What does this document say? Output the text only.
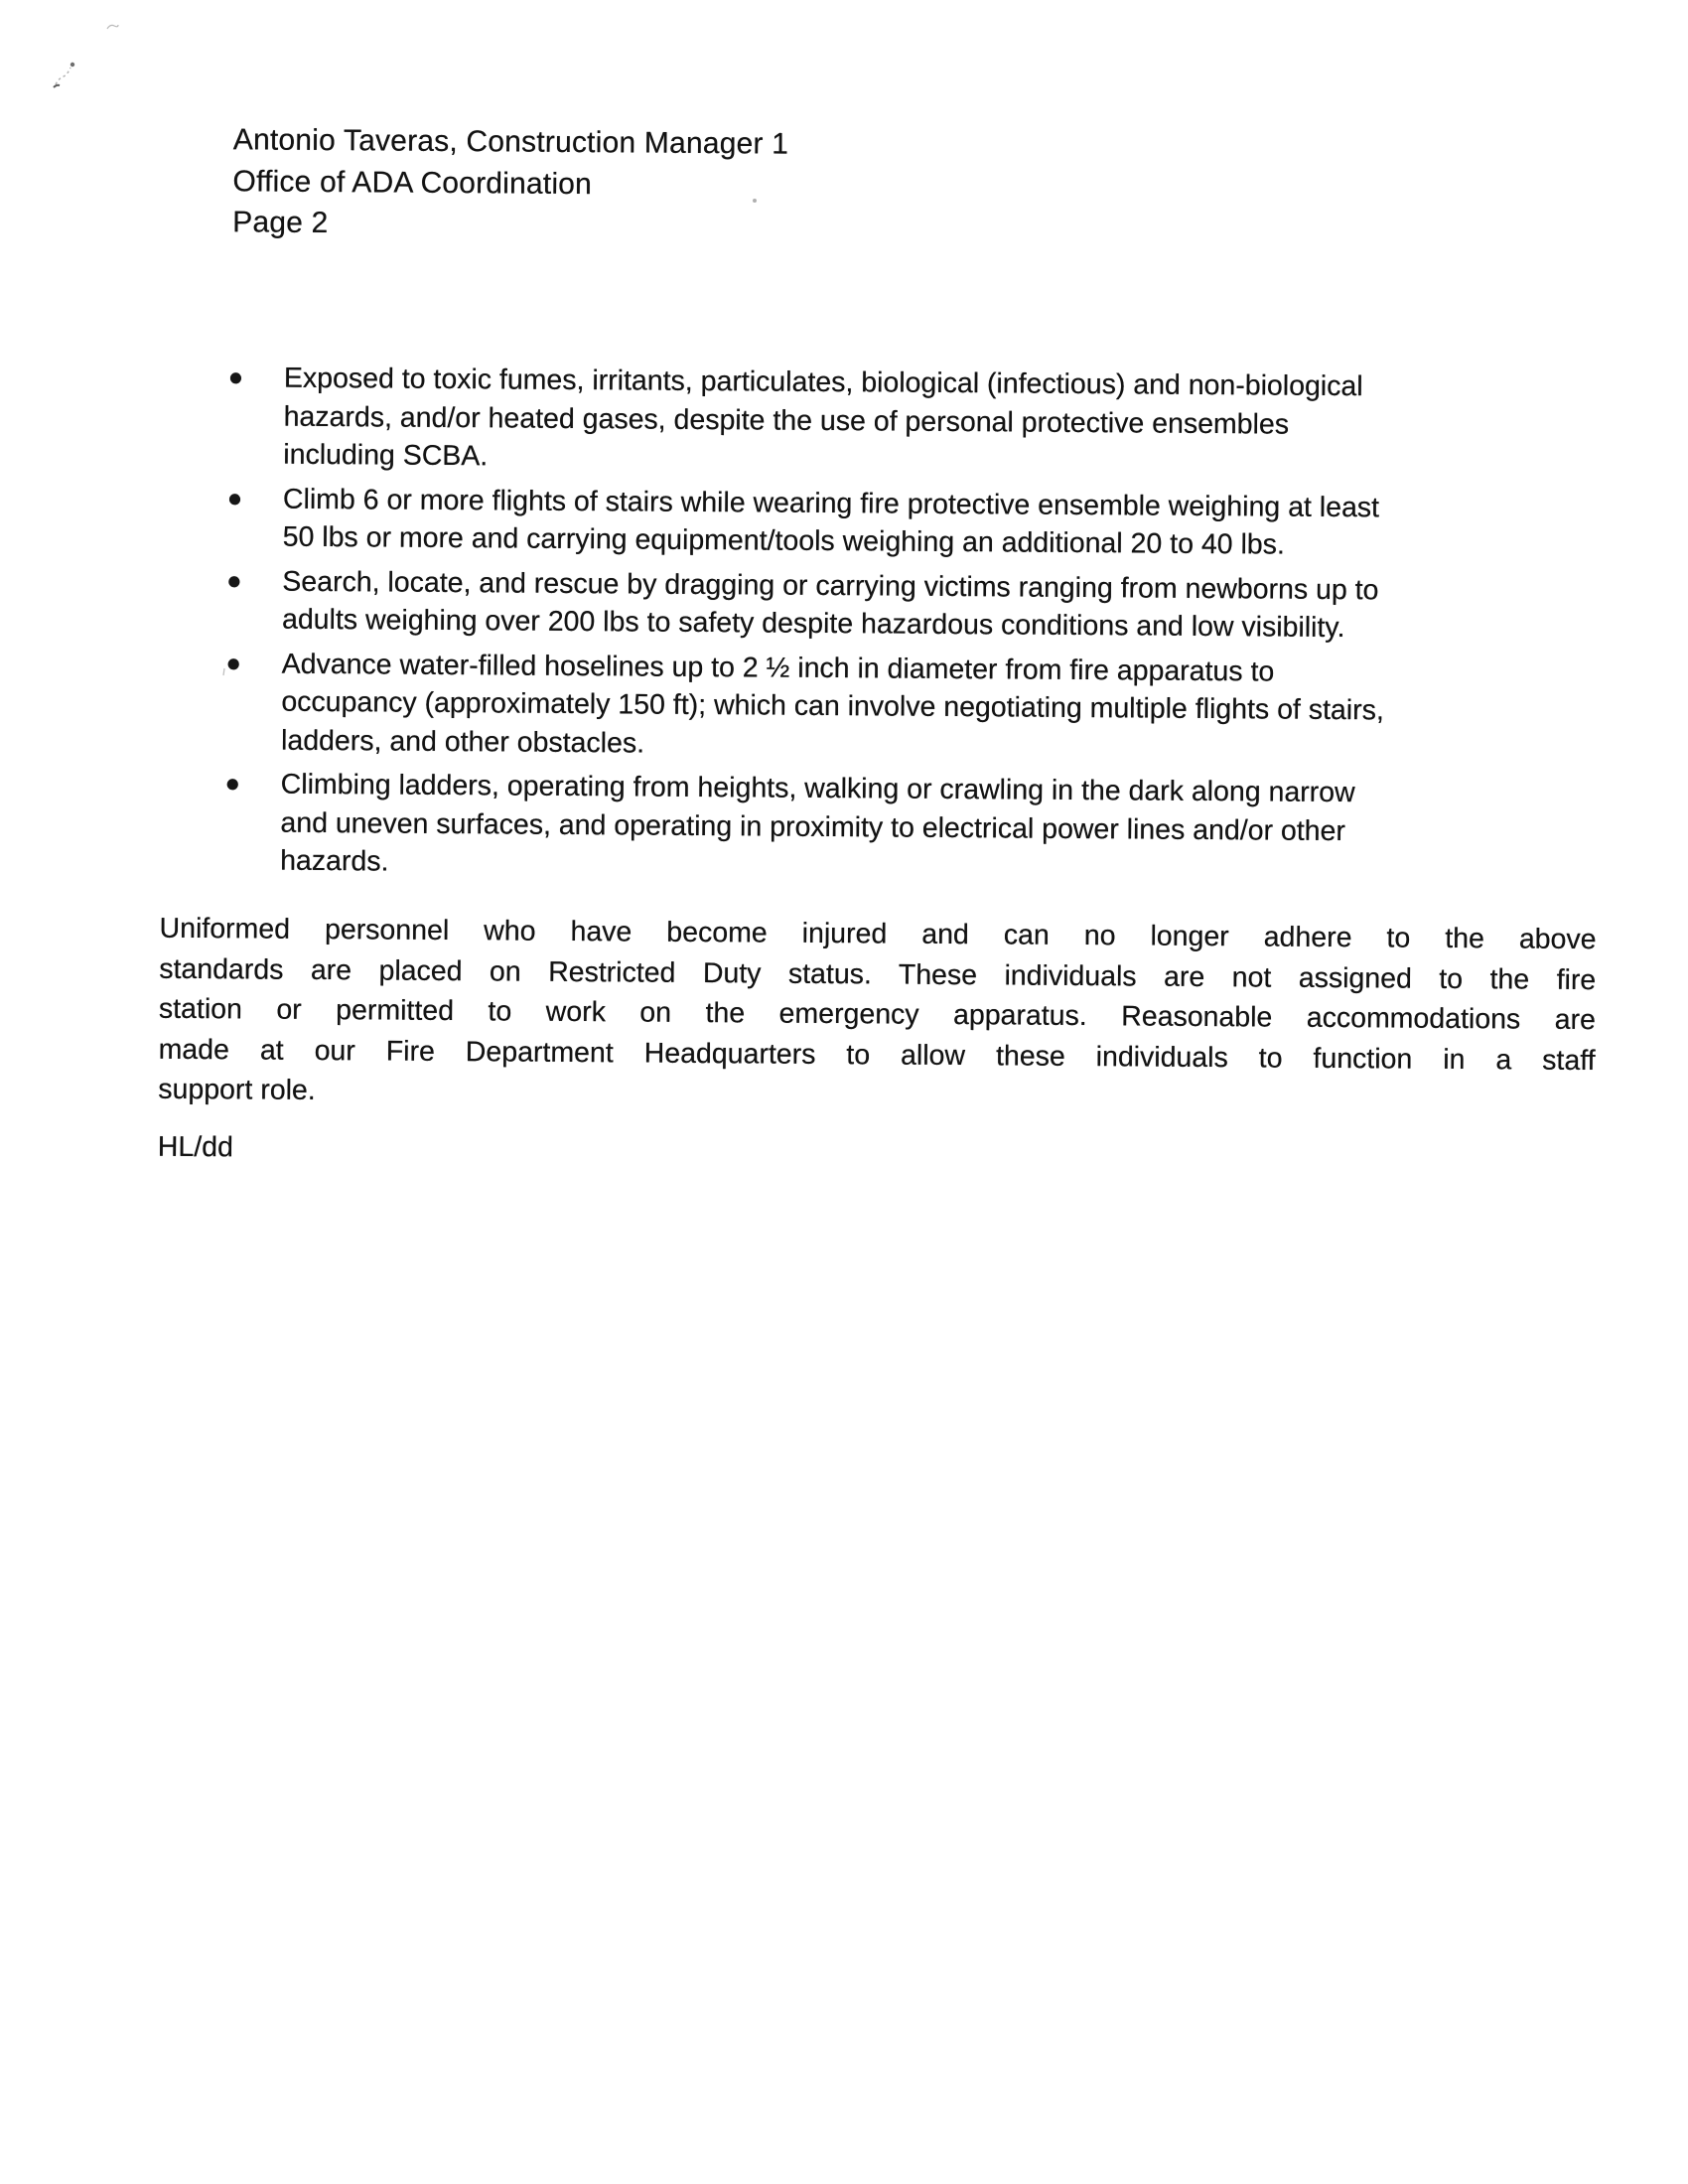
Antonio Taveras, Construction Manager 1
Office of ADA Coordination
Page 2
Exposed to toxic fumes, irritants, particulates, biological (infectious) and non-biological
hazards, and/or heated gases, despite the use of personal protective ensembles
including SCBA.
Climb 6 or more flights of stairs while wearing fire protective ensemble weighing at least
50 lbs or more and carrying equipment/tools weighing an additional 20 to 40 lbs.
Search, locate, and rescue by dragging or carrying victims ranging from newborns up to
adults weighing over 200 lbs to safety despite hazardous conditions and low visibility.
Advance water-filled hoselines up to 2 ½ inch in diameter from fire apparatus to
occupancy (approximately 150 ft); which can involve negotiating multiple flights of stairs,
ladders, and other obstacles.
Climbing ladders, operating from heights, walking or crawling in the dark along narrow
and uneven surfaces, and operating in proximity to electrical power lines and/or other
hazards.
Uniformed personnel who have become injured and can no longer adhere to the above
standards are placed on Restricted Duty status. These individuals are not assigned to the fire
station or permitted to work on the emergency apparatus. Reasonable accommodations are
made at our Fire Department Headquarters to allow these individuals to function in a staff
support role.
HL/dd
